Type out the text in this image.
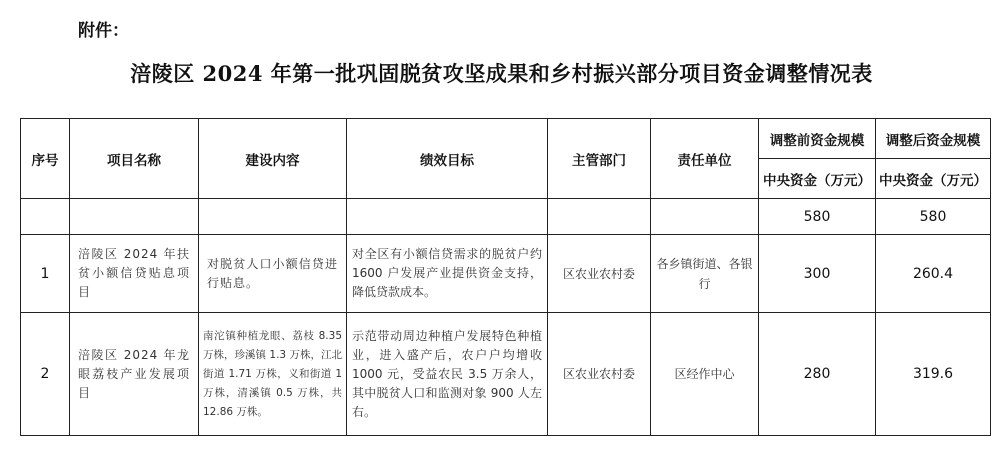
附件：
涪陵区 2024 年第一批巩固脱贫攻坚成果和乡村振兴部分项目资金调整情况表
序号	项目名称	建设内容	绩效目标	主管部门	责任单位	调整前资金规模	调整后资金规模
						中央资金（万元）	中央资金（万元）
						580	580
1	涪陵区 2024 年扶贫小额信贷贴息项目	对脱贫人口小额信贷进行贴息。	对全区有小额信贷需求的脱贫户约 1600 户发展产业提供资金支持，降低贷款成本。	区农业农村委	各乡镇街道、各银行	300	260.4
2	涪陵区 2024 年龙眼荔枝产业发展项目	南沱镇种植龙眼、荔枝 8.35 万株，珍溪镇 1.3 万株，江北街道 1.71 万株，义和街道 1 万株，清溪镇 0.5 万株，共 12.86 万株。	示范带动周边种植户发展特色种植业，进入盛产后，农户户均增收 1000 元，受益农民 3.5 万余人，其中脱贫人口和监测对象 900 人左右。	区农业农村委	区经作中心	280	319.6
